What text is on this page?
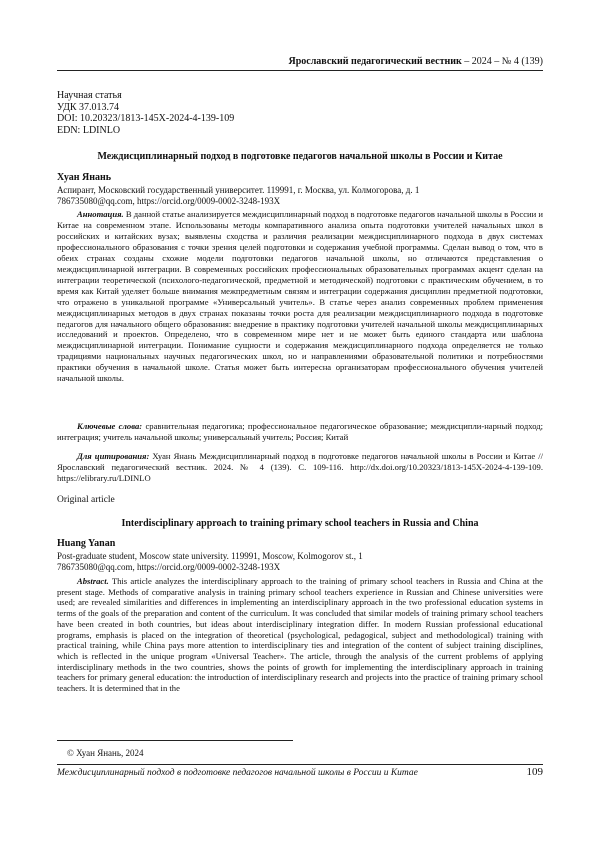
Ярославский педагогический вестник – 2024 – № 4 (139)
Научная статья
УДК 37.013.74
DOI: 10.20323/1813-145X-2024-4-139-109
EDN: LDINLO
Междисциплинарный подход в подготовке педагогов начальной школы в России и Китае
Хуан Янань
Аспирант, Московский государственный университет. 119991, г. Москва, ул. Колмогорова, д. 1
786735080@qq.com, https://orcid.org/0009-0002-3248-193X
Аннотация. В данной статье анализируется междисциплинарный подход в подготовке педагогов начальной школы в России и Китае на современном этапе. Использованы методы компаративного анализа опыта подготовки учителей начальных школ в российских и китайских вузах; выявлены сходства и различия реализации междисциплинарного подхода в двух системах профессионального образования с точки зрения целей подготовки и содержания учебной программы. Сделан вывод о том, что в обеих странах созданы схожие модели подготовки педагогов начальной школы, но отличаются представления о междисциплинарной интеграции. В современных российских профессиональных образовательных программах акцент сделан на интеграции теоретической (психолого-педагогической, предметной и методической) подготовки с практическим обучением, в то время как Китай уделяет больше внимания межпредметным связям и интеграции содержания дисциплин предметной подготовки, что отражено в уникальной программе «Универсальный учитель». В статье через анализ современных проблем применения междисциплинарных методов в двух странах показаны точки роста для реализации междисциплинарного подхода в подготовке педагогов для начального общего образования: внедрение в практику подготовки учителей начальной школы междисциплинарных исследований и проектов. Определено, что в современном мире нет и не может быть единого стандарта или шаблона междисциплинарной интеграции. Понимание сущности и содержания междисциплинарного подхода определяется не только традициями национальных научных педагогических школ, но и направлениями образовательной политики и потребностями практики обучения в начальной школе. Статья может быть интересна организаторам профессионального обучения учителей начальной школы.
Ключевые слова: сравнительная педагогика; профессиональное педагогическое образование; междисципли-нарный подход; интеграция; учитель начальной школы; универсальный учитель; Россия; Китай
Для цитирования: Хуан Янань Междисциплинарный подход в подготовке педагогов начальной школы в России и Китае // Ярославский педагогический вестник. 2024. № 4 (139). С. 109-116. http://dx.doi.org/10.20323/1813-145X-2024-4-139-109. https://elibrary.ru/LDINLO
Original article
Interdisciplinary approach to training primary school teachers in Russia and China
Huang Yanan
Post-graduate student, Moscow state university. 119991, Moscow, Kolmogorov st., 1
786735080@qq.com, https://orcid.org/0009-0002-3248-193X
Abstract. This article analyzes the interdisciplinary approach to the training of primary school teachers in Russia and China at the present stage. Methods of comparative analysis in training primary school teachers experience in Russian and Chinese universities were used; are revealed similarities and differences in implementing an interdisciplinary approach in the two professional education systems in terms of the goals of the preparation and content of the curriculum. It was concluded that similar models of training primary school teachers have been created in both countries, but ideas about interdisciplinary integration differ. In modern Russian professional educational programs, emphasis is placed on the integration of theoretical (psychological, pedagogical, subject and methodological) training with practical training, while China pays more attention to interdisciplinary ties and integration of the content of subject training disciplines, which is reflected in the unique program «Universal Teacher». The article, through the analysis of the current problems of applying interdisciplinary methods in the two countries, shows the points of growth for implementing the interdisciplinary approach in training teachers for primary general education: the introduction of interdisciplinary research and projects into the practice of training primary school teachers. It is determined that in the
© Хуан Янань, 2024
Междисциплинарный подход в подготовке педагогов начальной школы в России и Китае	109
